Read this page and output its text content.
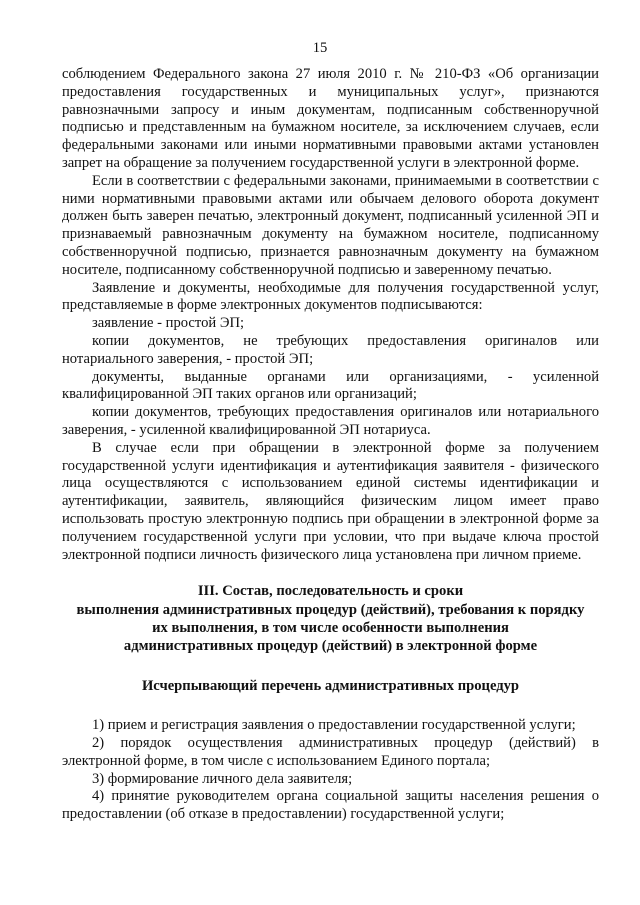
15

соблюдением Федерального закона 27 июля 2010 г. № 210-ФЗ «Об организации предоставления государственных и муниципальных услуг», признаются равнозначными запросу и иным документам, подписанным собственноручной подписью и представленным на бумажном носителе, за исключением случаев, если федеральными законами или иными нормативными правовыми актами установлен запрет на обращение за получением государственной услуги в электронной форме.

Если в соответствии с федеральными законами, принимаемыми в соответствии с ними нормативными правовыми актами или обычаем делового оборота документ должен быть заверен печатью, электронный документ, подписанный усиленной ЭП и признаваемый равнозначным документу на бумажном носителе, подписанному собственноручной подписью, признается равнозначным документу на бумажном носителе, подписанному собственноручной подписью и заверенному печатью.

Заявление и документы, необходимые для получения государственной услуг, представляемые в форме электронных документов подписываются:

заявление - простой ЭП;

копии документов, не требующих предоставления оригиналов или нотариального заверения, - простой ЭП;

документы, выданные органами или организациями, - усиленной квалифицированной ЭП таких органов или организаций;

копии документов, требующих предоставления оригиналов или нотариального заверения, - усиленной квалифицированной ЭП нотариуса.

В случае если при обращении в электронной форме за получением государственной услуги идентификация и аутентификация заявителя - физического лица осуществляются с использованием единой системы идентификации и аутентификации, заявитель, являющийся физическим лицом имеет право использовать простую электронную подпись при обращении в электронной форме за получением государственной услуги при условии, что при выдаче ключа простой электронной подписи личность физического лица установлена при личном приеме.

III. Состав, последовательность и сроки
выполнения административных процедур (действий), требования к порядку
их выполнения, в том числе особенности выполнения
административных процедур (действий) в электронной форме
Исчерпывающий перечень административных процедур

1) прием и регистрация заявления о предоставлении государственной услуги;

2) порядок осуществления административных процедур (действий) в электронной форме, в том числе с использованием Единого портала;

3) формирование личного дела заявителя;

4) принятие руководителем органа социальной защиты населения решения о предоставлении (об отказе в предоставлении) государственной услуги;
